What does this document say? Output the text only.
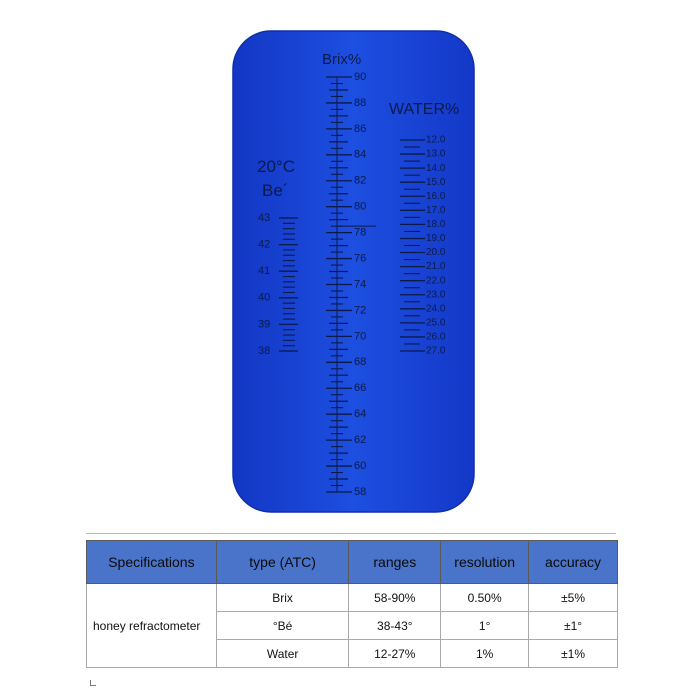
90
88
86
84
82
80
78
76
74
72
70
68
66
64
62
60
58
12.0
13.0
14.0
15.0
16.0
17.0
18.0
19.0
20.0
21.0
22.0
23.0
24.0
25.0
26.0
27.0
43
42
41
40
39
38
Brix%
WATER%
20°C
Be´
Specifications	type (ATC)	ranges	resolution	accuracy
honey refractometer	Brix	58-90%	0.50%	±5%
	°Bé	38-43°	1°	±1°
	Water	12-27%	1%	±1%
